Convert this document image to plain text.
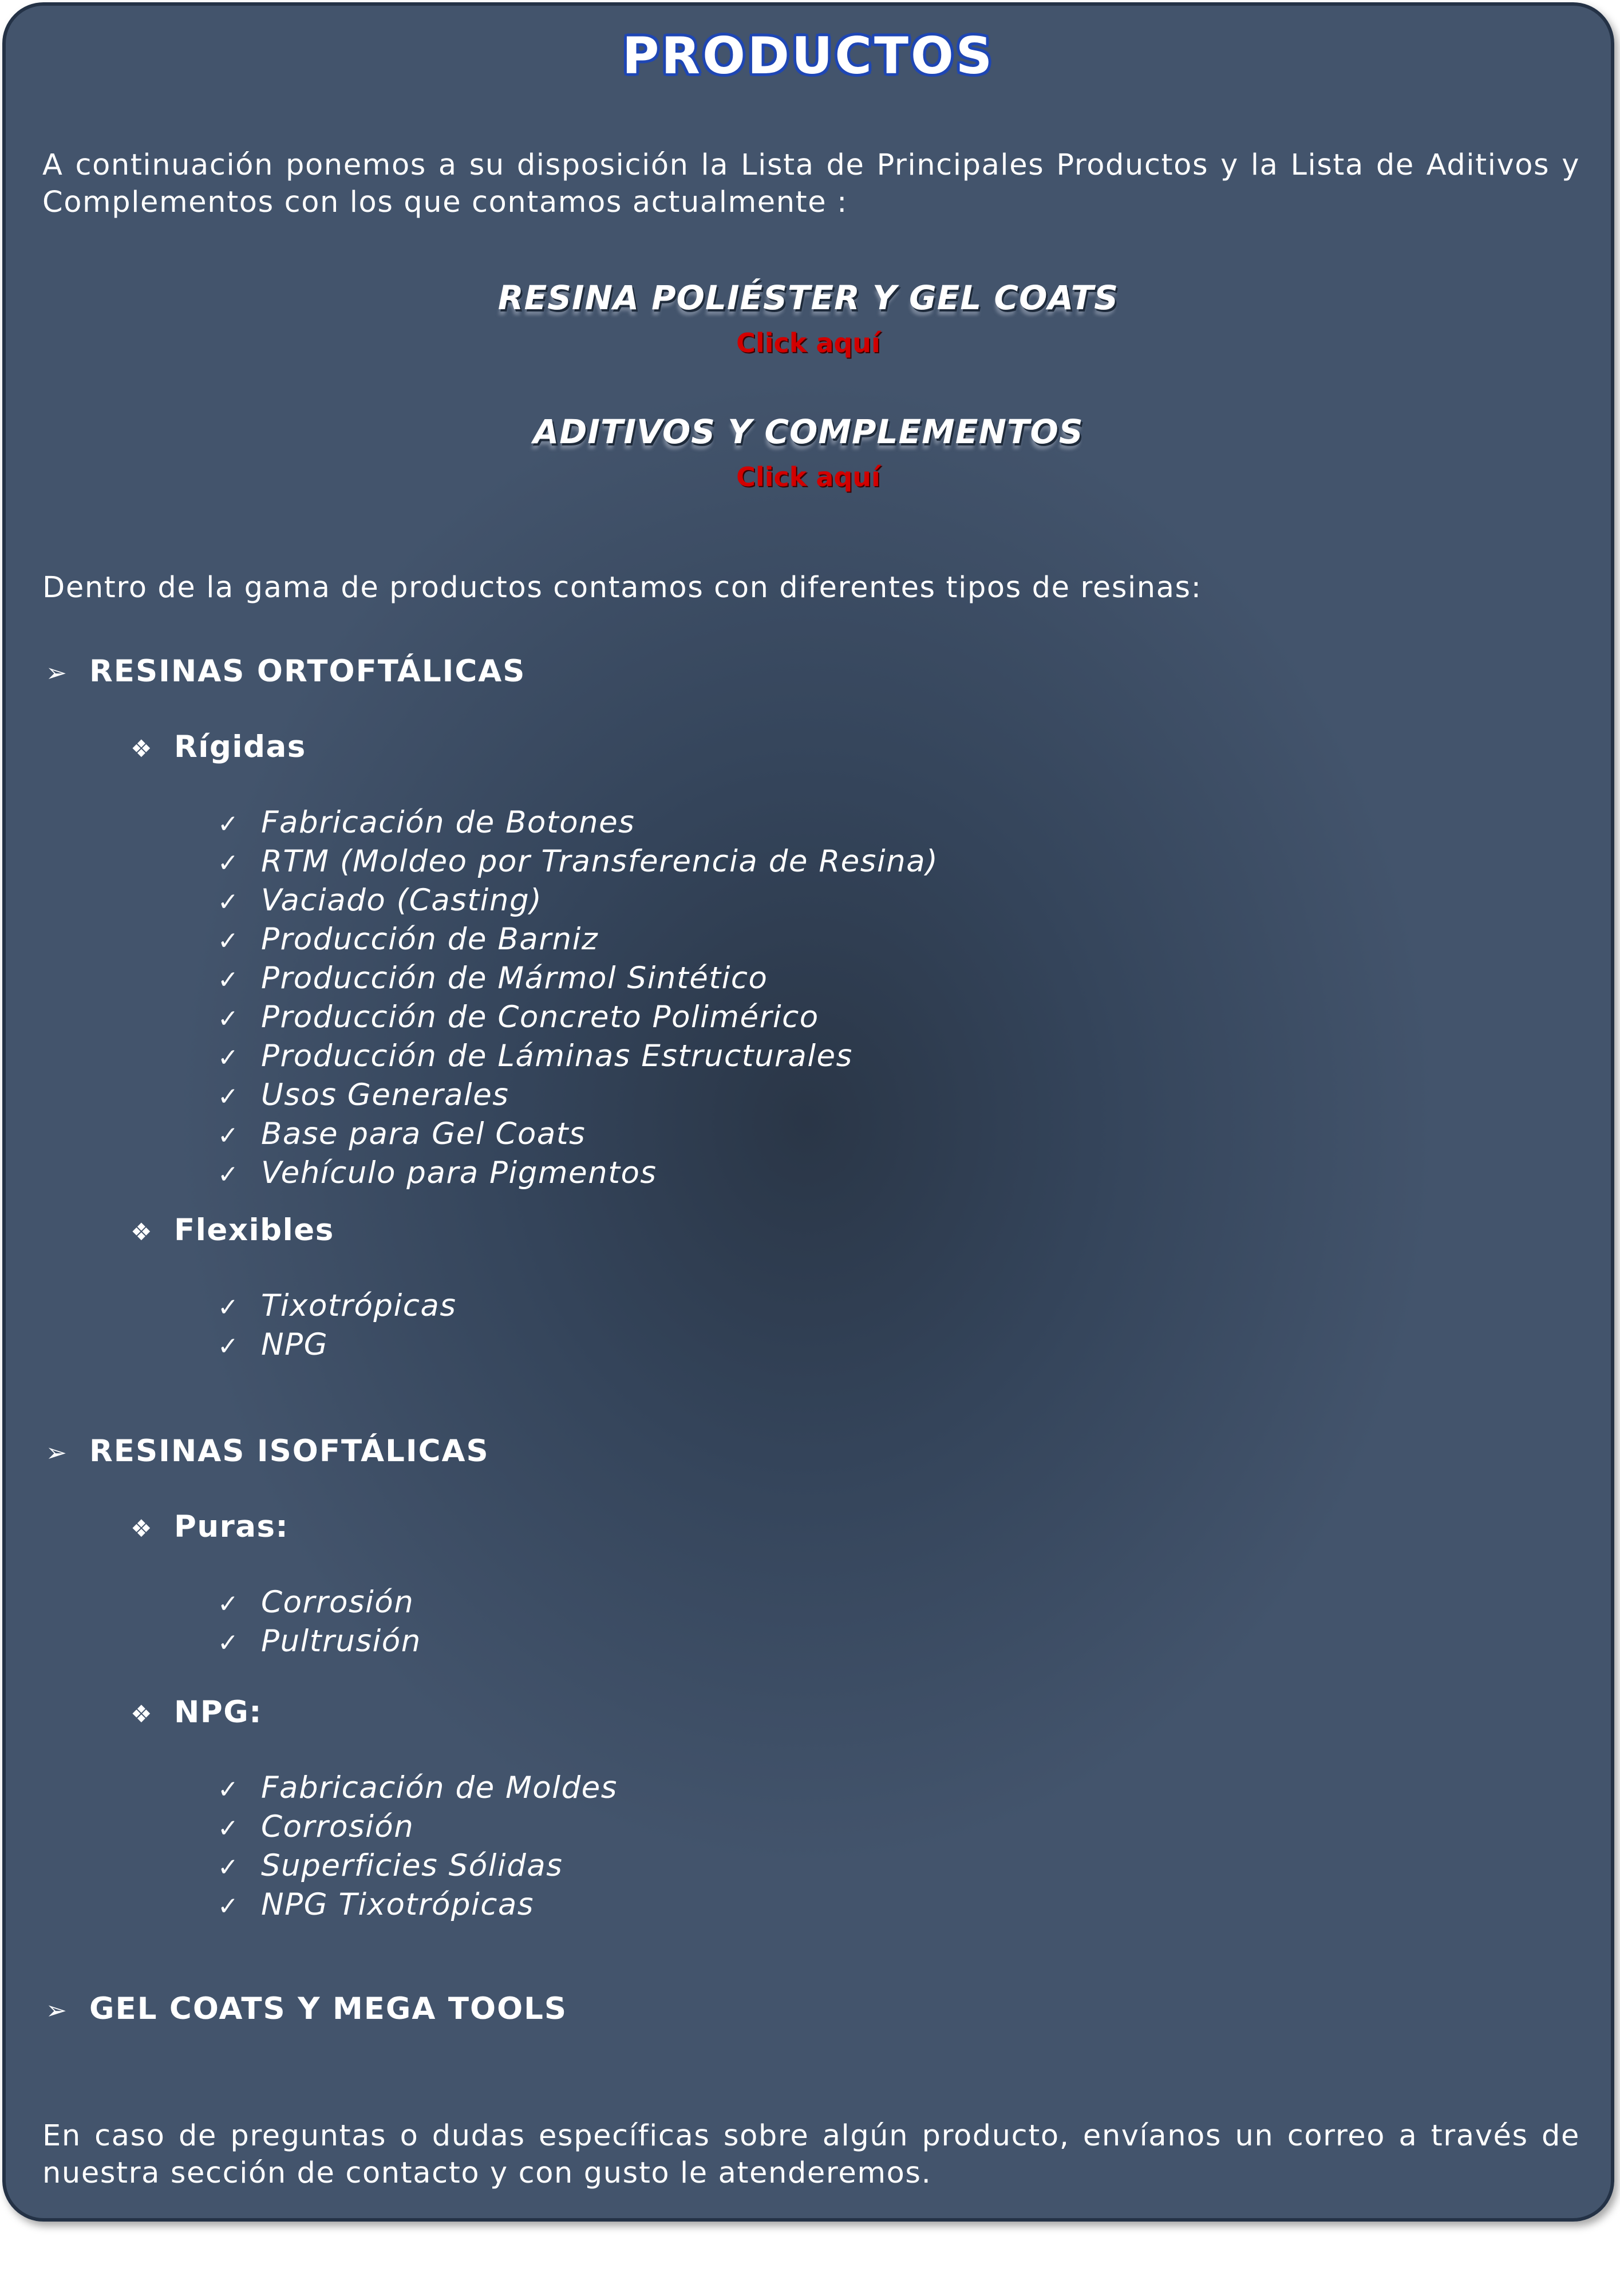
PRODUCTOS
A continuación ponemos a su disposición la Lista de Principales Productos y la Lista de Aditivos y Complementos con los que contamos actualmente :
RESINA POLIÉSTER Y GEL COATS
Click aquí
ADITIVOS Y COMPLEMENTOS
Click aquí
Dentro de la gama de productos contamos con diferentes tipos de resinas:
➢ RESINAS ORTOFTÁLICAS
❖ Rígidas
✓ Fabricación de Botones
✓ RTM (Moldeo por Transferencia de Resina)
✓ Vaciado (Casting)
✓ Producción de Barniz
✓ Producción de Mármol Sintético
✓ Producción de Concreto Polimérico
✓ Producción de Láminas Estructurales
✓ Usos Generales
✓ Base para Gel Coats
✓ Vehículo para Pigmentos
❖ Flexibles
✓ Tixotrópicas
✓ NPG
➢ RESINAS ISOFTÁLICAS
❖ Puras:
✓ Corrosión
✓ Pultrusión
❖ NPG:
✓ Fabricación de Moldes
✓ Corrosión
✓ Superficies Sólidas
✓ NPG Tixotrópicas
➢ GEL COATS Y MEGA TOOLS
En caso de preguntas o dudas específicas sobre algún producto, envíanos un correo a través de nuestra sección de contacto y con gusto le atenderemos.
